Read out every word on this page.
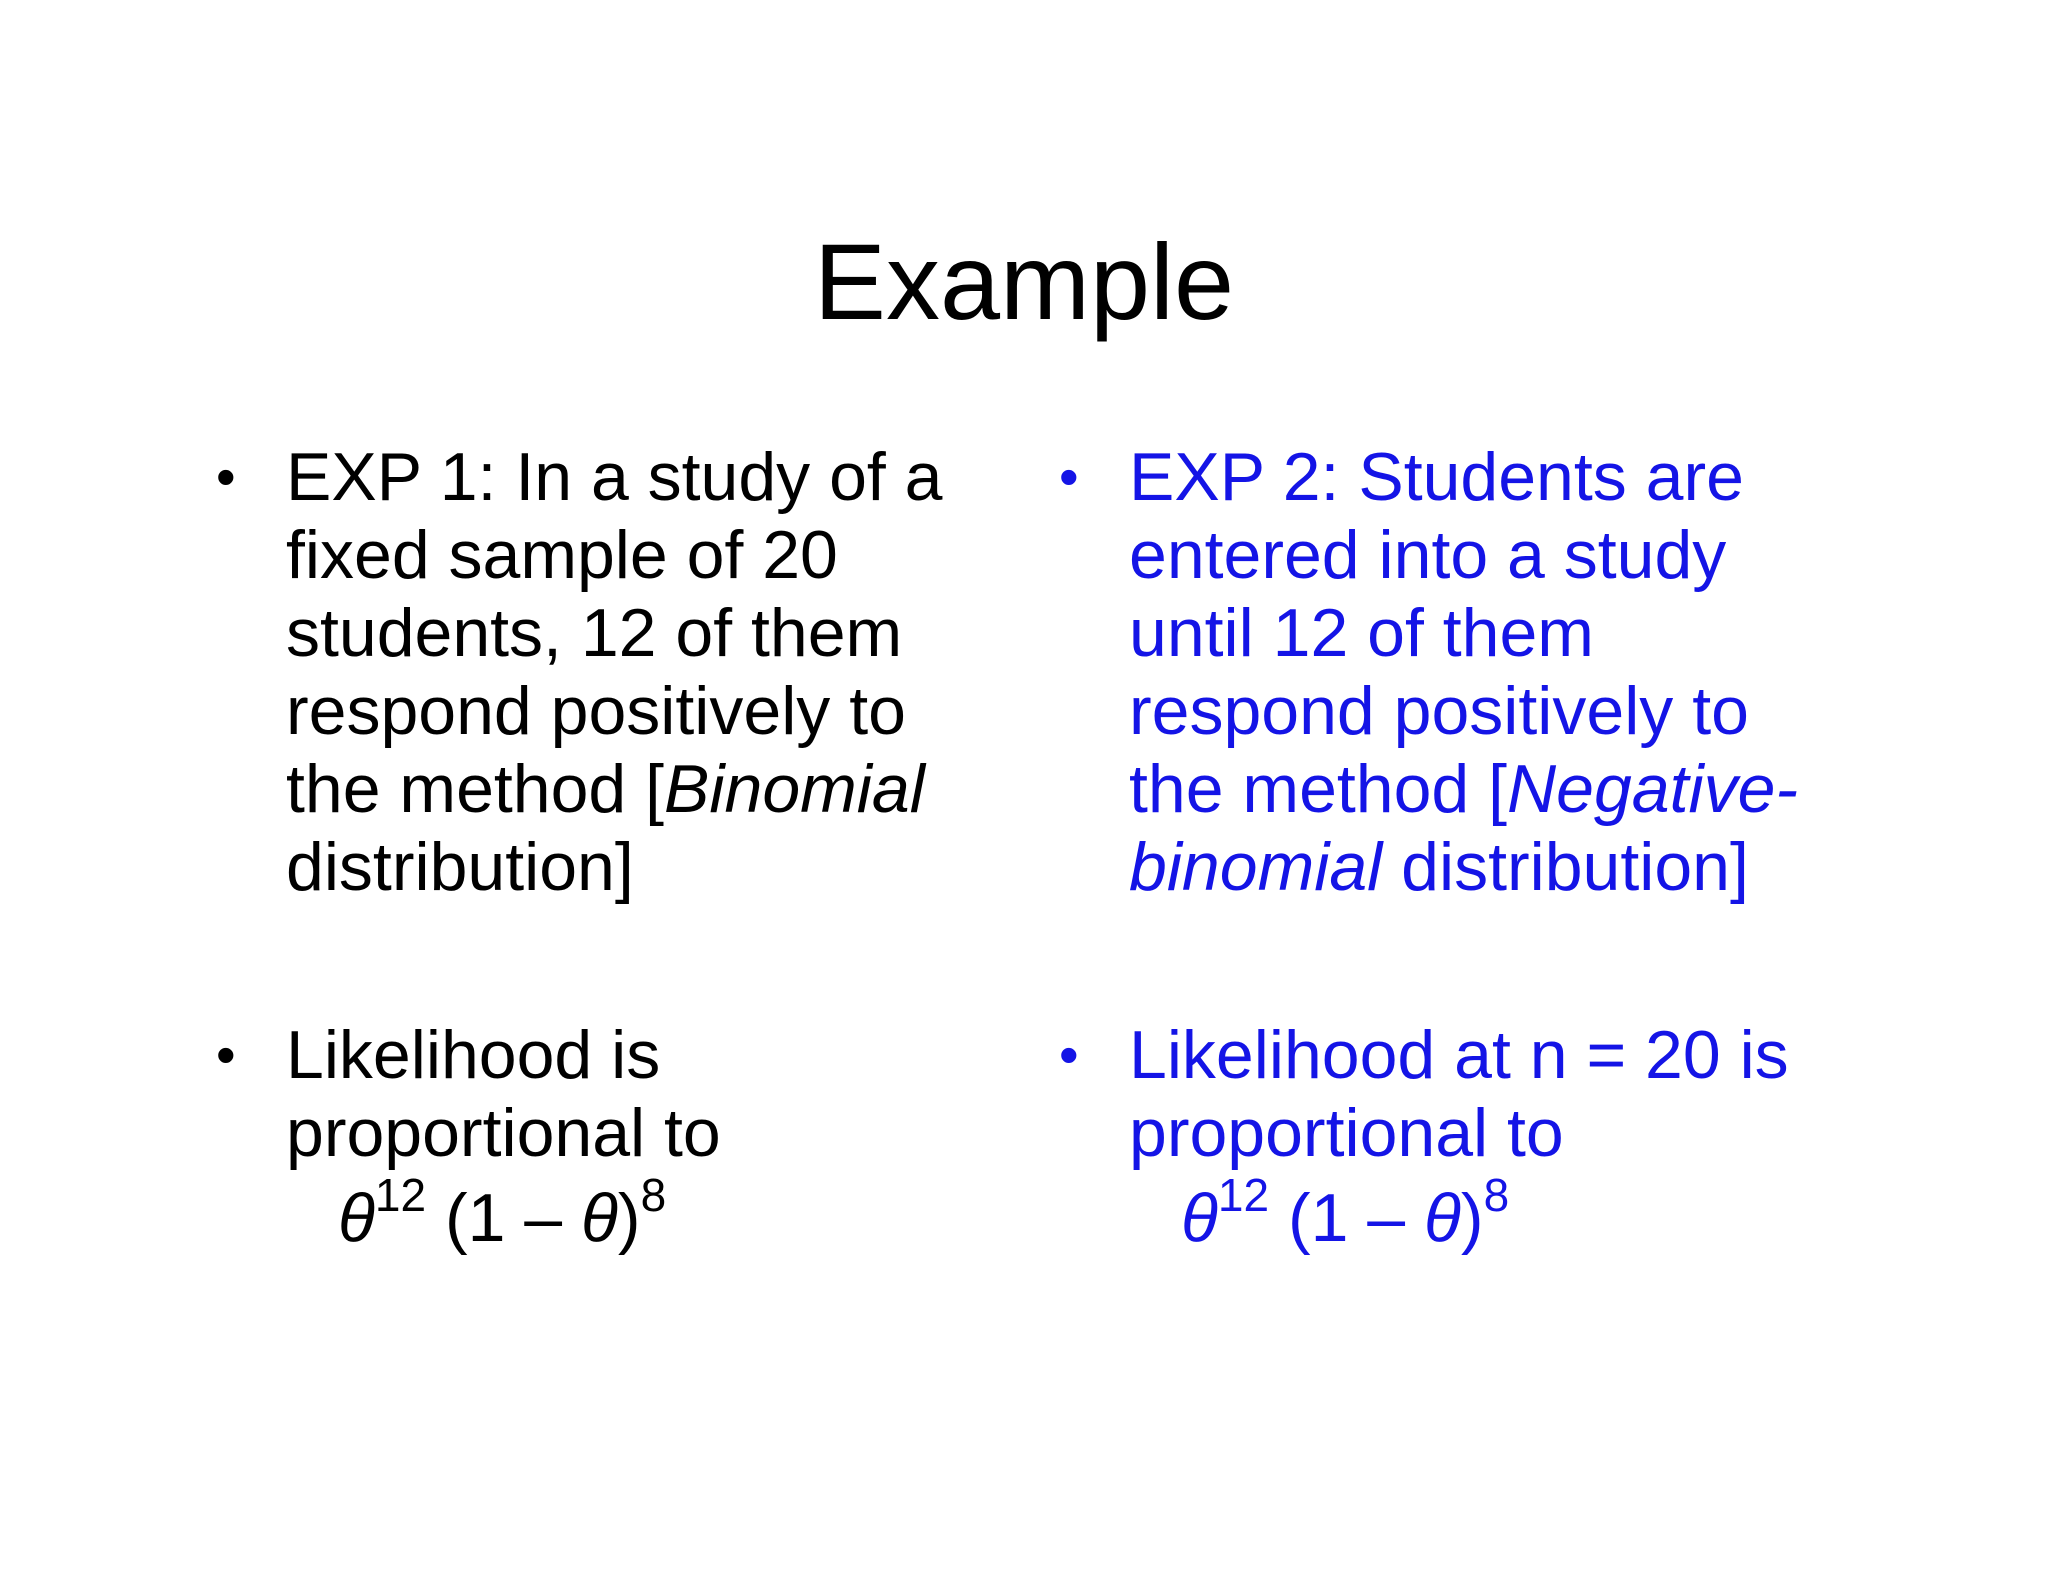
Example
• EXP 1: In a study of a
fixed sample of 20
students, 12 of them
respond positively to
the method [Binomial
distribution]
• Likelihood is
proportional to
$\theta^{12}$ (1 – θ)$^8$
• EXP 2: Students are
entered into a study
until 12 of them
respond positively to
the method [Negative-
binomial distribution]
• Likelihood at n = 20 is
proportional to
$\theta^{12}$ (1 – θ)$^8$
